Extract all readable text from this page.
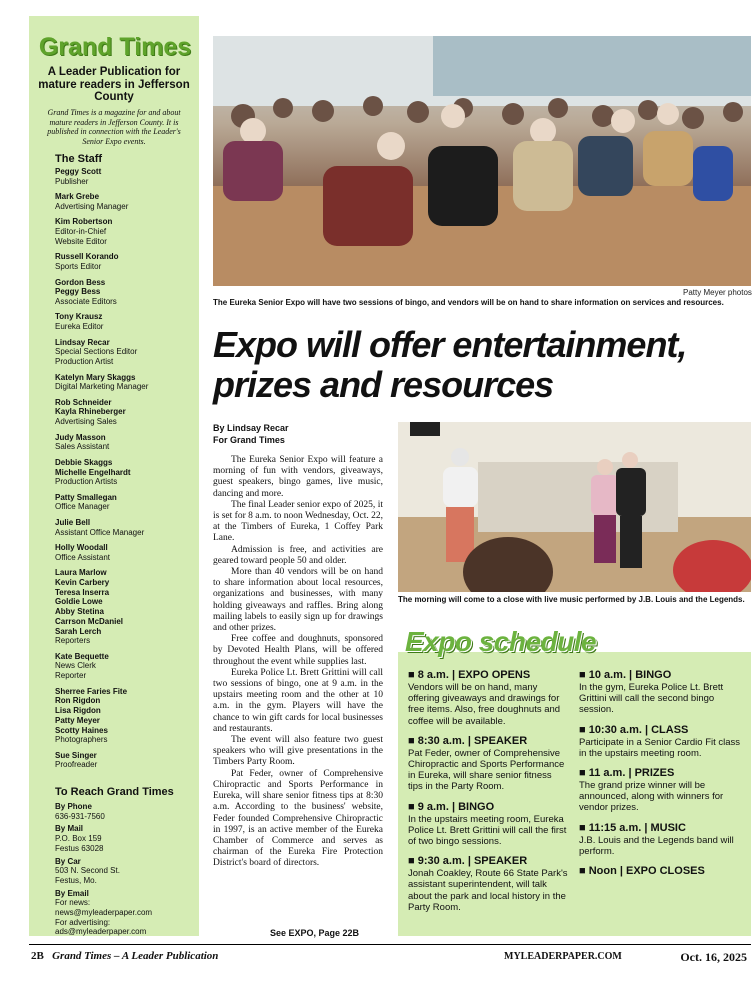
Grand Times
A Leader Publication for mature readers in Jefferson County
Grand Times is a magazine for and about mature readers in Jefferson County. It is published in connection with the Leader's Senior Expo events.
The Staff
Peggy Scott
Publisher
Mark Grebe
Advertising Manager
Kim Robertson
Editor-in-Chief
Website Editor
Russell Korando
Sports Editor
Gordon Bess
Peggy Bess
Associate Editors
Tony Krausz
Eureka Editor
Lindsay Recar
Special Sections Editor
Production Artist
Katelyn Mary Skaggs
Digital Marketing Manager
Rob Schneider
Kayla Rhineberger
Advertising Sales
Judy Masson
Sales Assistant
Debbie Skaggs
Michelle Engelhardt
Production Artists
Patty Smallegan
Office Manager
Julie Bell
Assistant Office Manager
Holly Woodall
Office Assistant
Laura Marlow
Kevin Carbery
Teresa Inserra
Goldie Lowe
Abby Stetina
Carrson McDaniel
Sarah Lerch
Reporters
Kate Bequette
News Clerk
Reporter
Sherree Faries Fite
Ron Rigdon
Lisa Rigdon
Patty Meyer
Scotty Haines
Photographers
Sue Singer
Proofreader
To Reach Grand Times
By Phone
636-931-7560
By Mail
P.O. Box 159
Festus 63028
By Car
503 N. Second St.
Festus, Mo.
By Email
For news:
news@myleaderpaper.com
For advertising:
ads@myleaderpaper.com
Patty Meyer photos
The Eureka Senior Expo will have two sessions of bingo, and vendors will be on hand to share information on services and resources.
Expo will offer entertainment, prizes and resources
By Lindsay Recar
For Grand Times

The Eureka Senior Expo will feature a morning of fun with vendors, giveaways, guest speakers, bingo games, live music, dancing and more.

The final Leader senior expo of 2025, it is set for 8 a.m. to noon Wednesday, Oct. 22, at the Timbers of Eureka, 1 Coffey Park Lane.

Admission is free, and activities are geared toward people 50 and older.

More than 40 vendors will be on hand to share information about local resources, organizations and businesses, with many holding giveaways and raffles. Bring along mailing labels to easily sign up for drawings and other prizes.

Free coffee and doughnuts, sponsored by Devoted Health Plans, will be offered throughout the event while supplies last.

Eureka Police Lt. Brett Grittini will call two sessions of bingo, one at 9 a.m. in the upstairs meeting room and the other at 10 a.m. in the gym. Players will have the chance to win gift cards for local businesses and restaurants.

The event will also feature two guest speakers who will give presentations in the Timbers Party Room.

Pat Feder, owner of Comprehensive Chiropractic and Sports Performance in Eureka, will share senior fitness tips at 8:30 a.m. According to the business' website, Feder founded Comprehensive Chiropractic in 1997, is an active member of the Eureka Chamber of Commerce and serves as chairman of the Eureka Fire Protection District's board of directors.

See EXPO, Page 22B
The morning will come to a close with live music performed by J.B. Louis and the Legends.
Expo schedule
■ 8 a.m. | EXPO OPENS
Vendors will be on hand, many offering giveaways and drawings for free items. Also, free doughnuts and coffee will be available.
■ 8:30 a.m. | SPEAKER
Pat Feder, owner of Comprehensive Chiropractic and Sports Performance in Eureka, will share senior fitness tips in the Party Room.
■ 9 a.m. | BINGO
In the upstairs meeting room, Eureka Police Lt. Brett Grittini will call the first of two bingo sessions.
■ 9:30 a.m. | SPEAKER
Jonah Coakley, Route 66 State Park's assistant superintendent, will talk about the park and local history in the Party Room.
■ 10 a.m. | BINGO
In the gym, Eureka Police Lt. Brett Grittini will call the second bingo session.
■ 10:30 a.m. | CLASS
Participate in a Senior Cardio Fit class in the upstairs meeting room.
■ 11 a.m. | PRIZES
The grand prize winner will be announced, along with winners for vendor prizes.
■ 11:15 a.m. | MUSIC
J.B. Louis and the Legends band will perform.
■ Noon | EXPO CLOSES
2B Grand Times – A Leader Publication	MYLEADERPAPER.COM	Oct. 16, 2025
